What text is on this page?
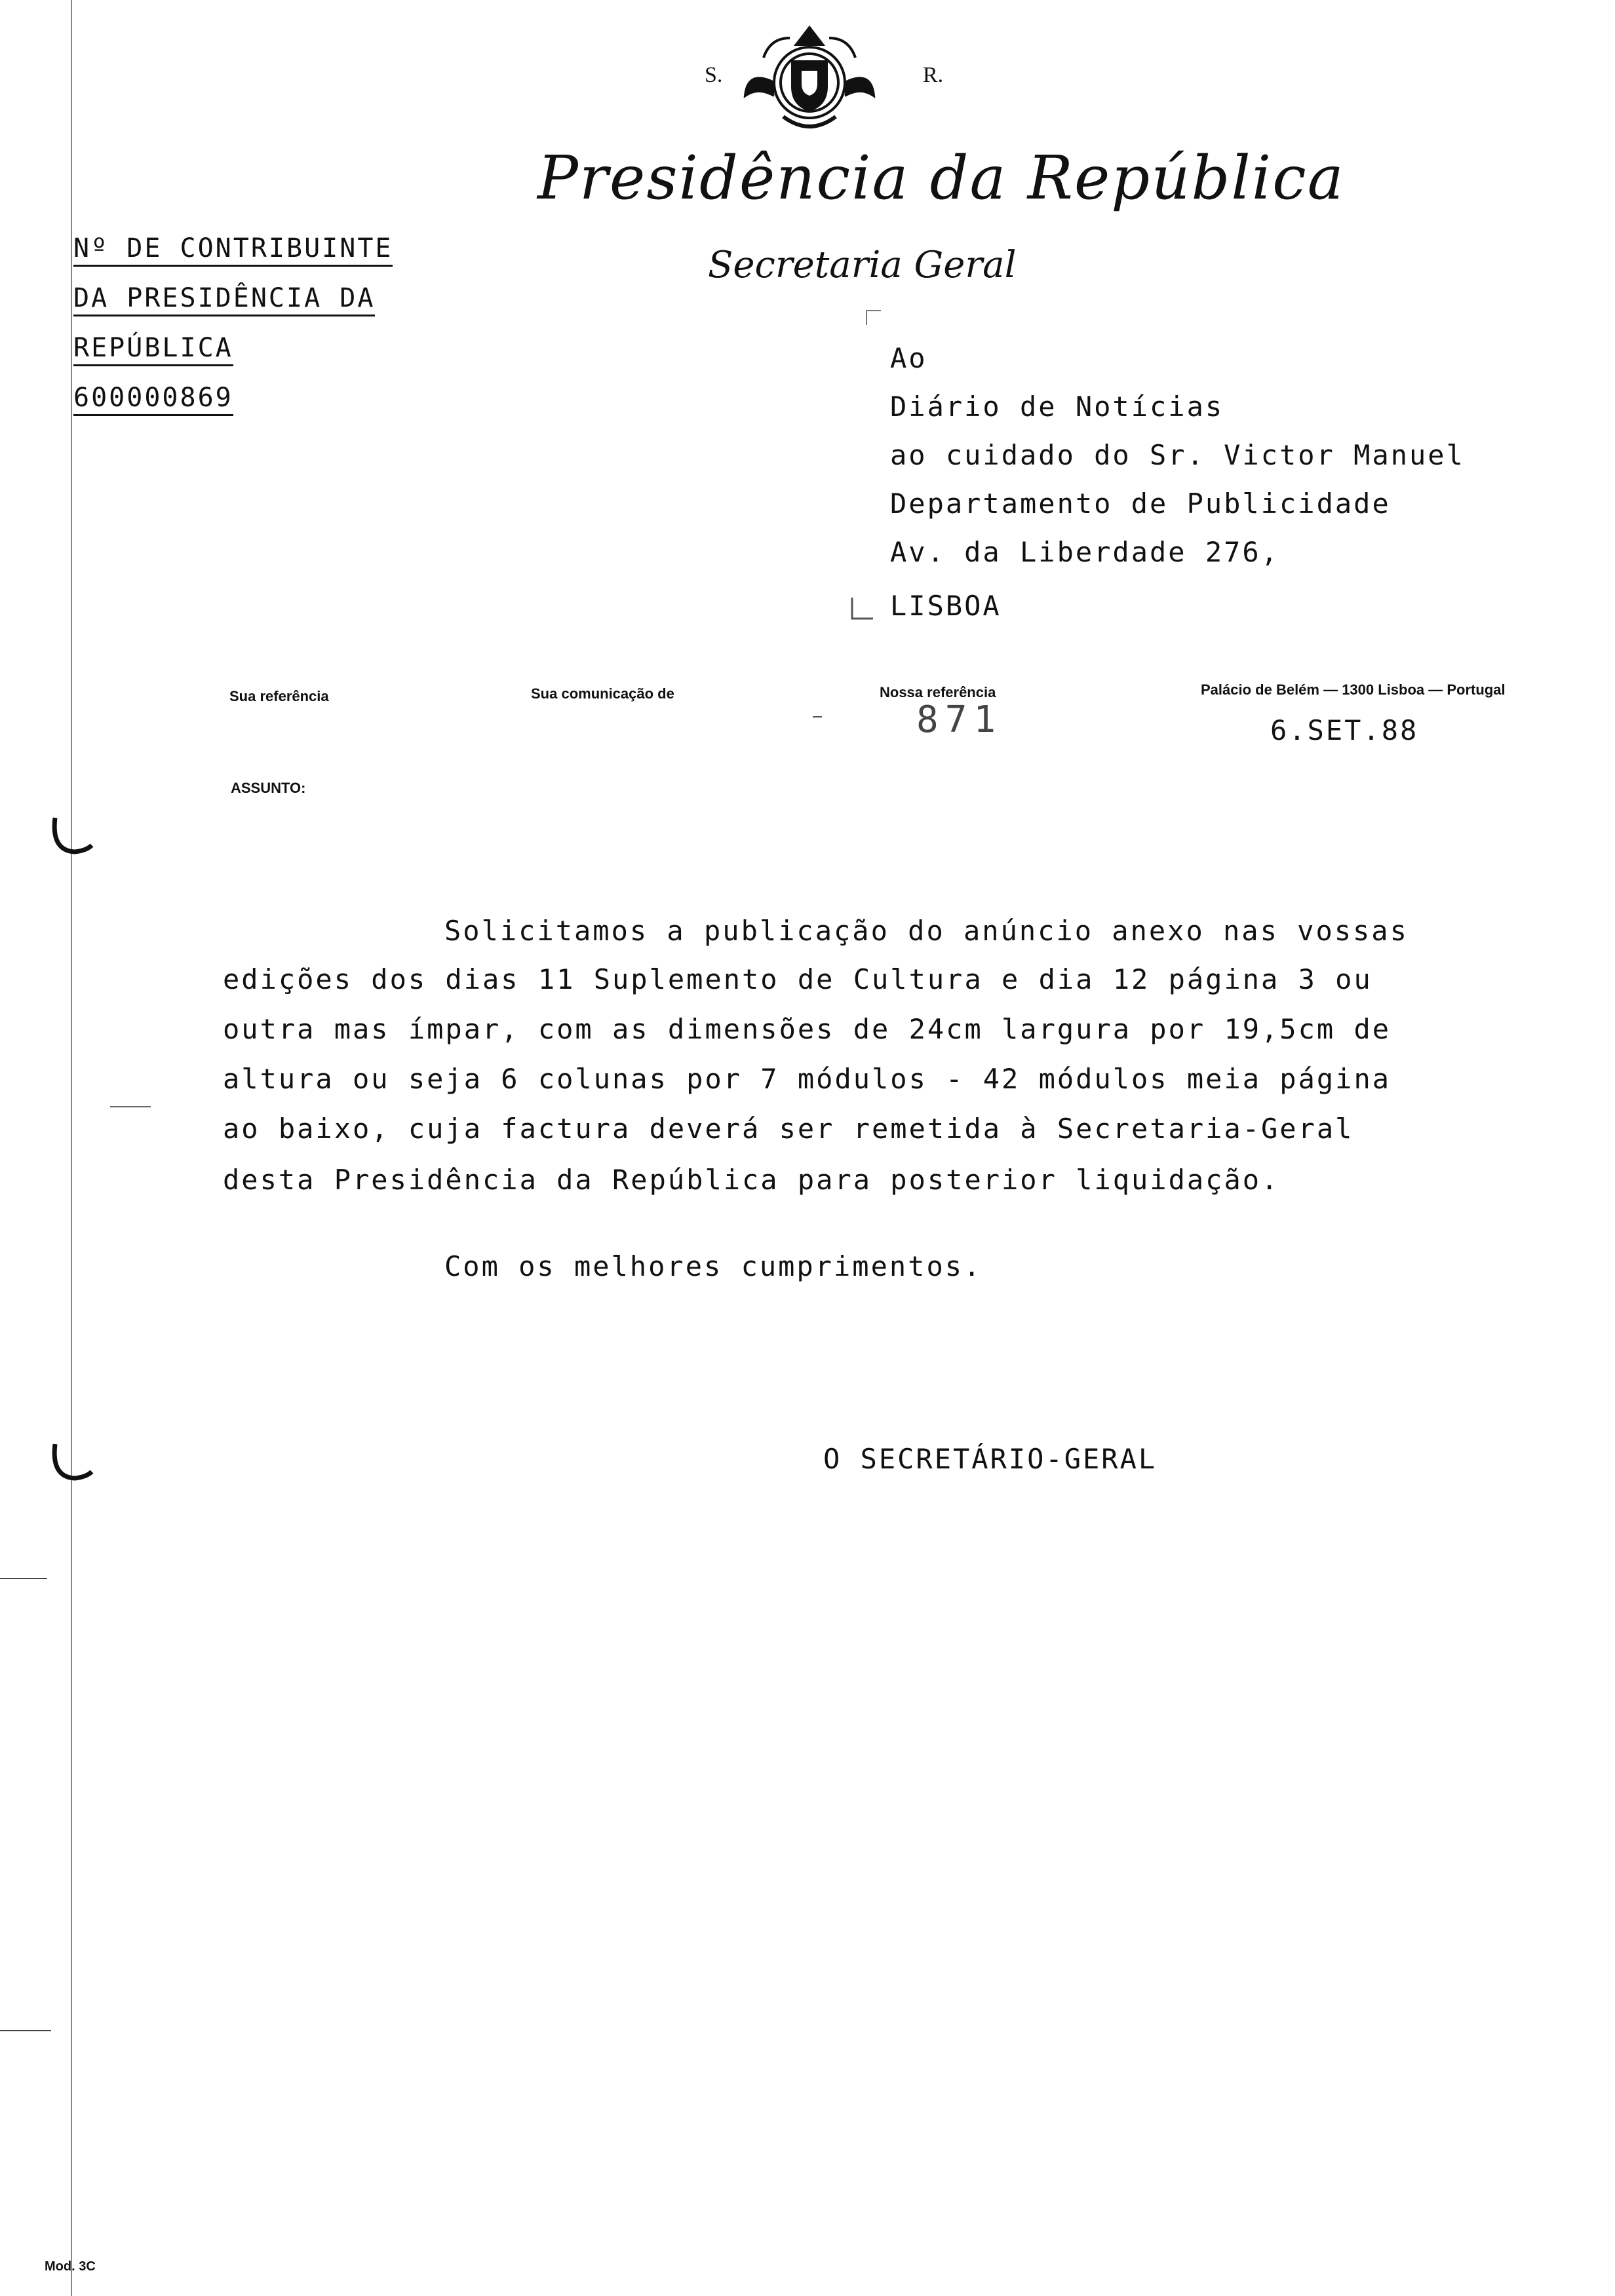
S.	R.
Presidência da República
Secretaria Geral
Nº DE CONTRIBUINTE
DA PRESIDÊNCIA DA
REPÚBLICA
600000869
Ao
Diário de Notícias
ao cuidado do Sr. Victor Manuel
Departamento de Publicidade
Av. da Liberdade 276,
LISBOA
Sua referência	Sua comunicação de	Nossa referência
871
Palácio de Belém — 1300 Lisboa — Portugal
6.SET.88
ASSUNTO:
Solicitamos a publicação do anúncio anexo nas vossas
edições dos dias 11 Suplemento de Cultura e dia 12 página 3 ou
outra mas ímpar, com as dimensões de 24cm largura por 19,5cm de
altura ou seja 6 colunas por 7 módulos - 42 módulos meia página
ao baixo, cuja factura deverá ser remetida à Secretaria-Geral
desta Presidência da República para posterior liquidação.
Com os melhores cumprimentos.
O SECRETÁRIO-GERAL
Mod. 3C
